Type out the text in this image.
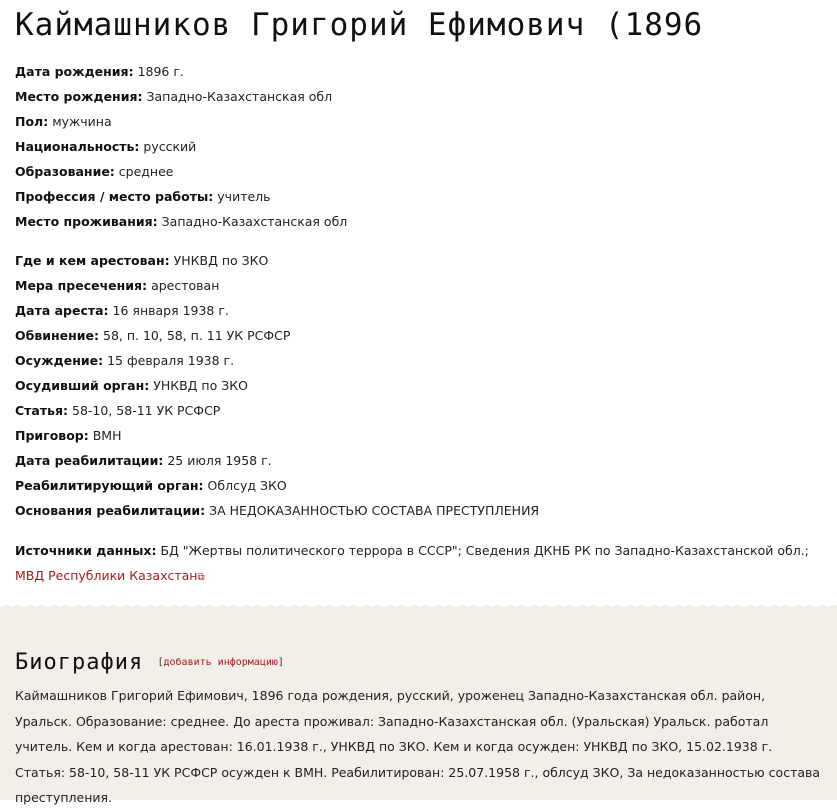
Каймашников Григорий Ефимович (1896
Дата рождения: 1896 г.
Место рождения: Западно-Казахстанская обл
Пол: мужчина
Национальность: русский
Образование: среднее
Профессия / место работы: учитель
Место проживания: Западно-Казахстанская обл
Где и кем арестован: УНКВД по ЗКО
Мера пресечения: арестован
Дата ареста: 16 января 1938 г.
Обвинение: 58, п. 10, 58, п. 11 УК РСФСР
Осуждение: 15 февраля 1938 г.
Осудивший орган: УНКВД по ЗКО
Статья: 58-10, 58-11 УК РСФСР
Приговор: ВМН
Дата реабилитации: 25 июля 1958 г.
Реабилитирующий орган: Облсуд ЗКО
Основания реабилитации: ЗА НЕДОКАЗАННОСТЬЮ СОСТАВА ПРЕСТУПЛЕНИЯ
Источники данных: БД "Жертвы политического террора в СССР"; Сведения ДКНБ РК по Западно-Казахстанской обл.; МВД Республики Казахстан⧉
Биография [добавить информацию]

Каймашников Григорий Ефимович, 1896 года рождения, русский, уроженец Западно-Казахстанская обл. район, Уральск. Образование: среднее. До ареста проживал: Западно-Казахстанская обл. (Уральская) Уральск. работал учитель. Кем и когда арестован: 16.01.1938 г., УНКВД по ЗКО. Кем и когда осужден: УНКВД по ЗКО, 15.02.1938 г. Статья: 58-10, 58-11 УК РСФСР осужден к ВМН. Реабилитирован: 25.07.1958 г., облсуд ЗКО, За недоказанностью состава преступления.
